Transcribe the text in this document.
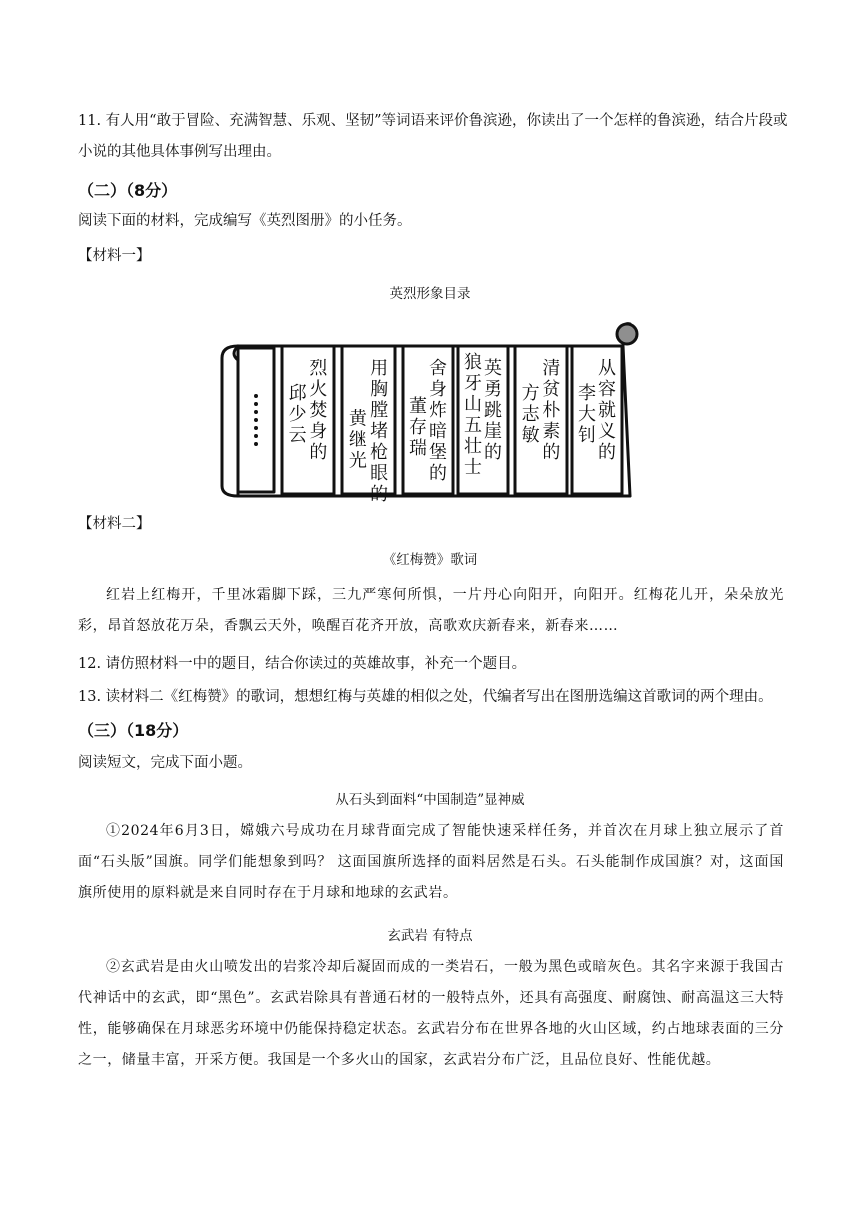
11. 有人用“敢于冒险、充满智慧、乐观、坚韧”等词语来评价鲁滨逊，你读出了一个怎样的鲁滨逊，结合片段或小说的其他具体事例写出理由。
（二）（8分）
阅读下面的材料，完成编写《英烈图册》的小任务。
【材料一】
英烈形象目录
从容就义的李大钊
清贫朴素的方志敏
英勇跳崖的狼牙山五壮士
舍身炸暗堡的董存瑞
用胸膛堵枪眼的黄继光
烈火焚身的邱少云
【材料二】
《红梅赞》歌词
红岩上红梅开，千里冰霜脚下踩，三九严寒何所惧，一片丹心向阳开，向阳开。红梅花儿开，朵朵放光彩，昂首怒放花万朵，香飘云天外，唤醒百花齐开放，高歌欢庆新春来，新春来……
12. 请仿照材料一中的题目，结合你读过的英雄故事，补充一个题目。
13. 读材料二《红梅赞》的歌词，想想红梅与英雄的相似之处，代编者写出在图册选编这首歌词的两个理由。
（三）（18分）
阅读短文，完成下面小题。
从石头到面料“中国制造”显神威
①2024年6月3日，嫦娥六号成功在月球背面完成了智能快速采样任务，并首次在月球上独立展示了首面“石头版”国旗。同学们能想象到吗？ 这面国旗所选择的面料居然是石头。石头能制作成国旗？对，这面国旗所使用的原料就是来自同时存在于月球和地球的玄武岩。
玄武岩 有特点
②玄武岩是由火山喷发出的岩浆冷却后凝固而成的一类岩石，一般为黑色或暗灰色。其名字来源于我国古代神话中的玄武，即“黑色”。玄武岩除具有普通石材的一般特点外，还具有高强度、耐腐蚀、耐高温这三大特性，能够确保在月球恶劣环境中仍能保持稳定状态。玄武岩分布在世界各地的火山区域，约占地球表面的三分之一，储量丰富，开采方便。我国是一个多火山的国家，玄武岩分布广泛，且品位良好、性能优越。
